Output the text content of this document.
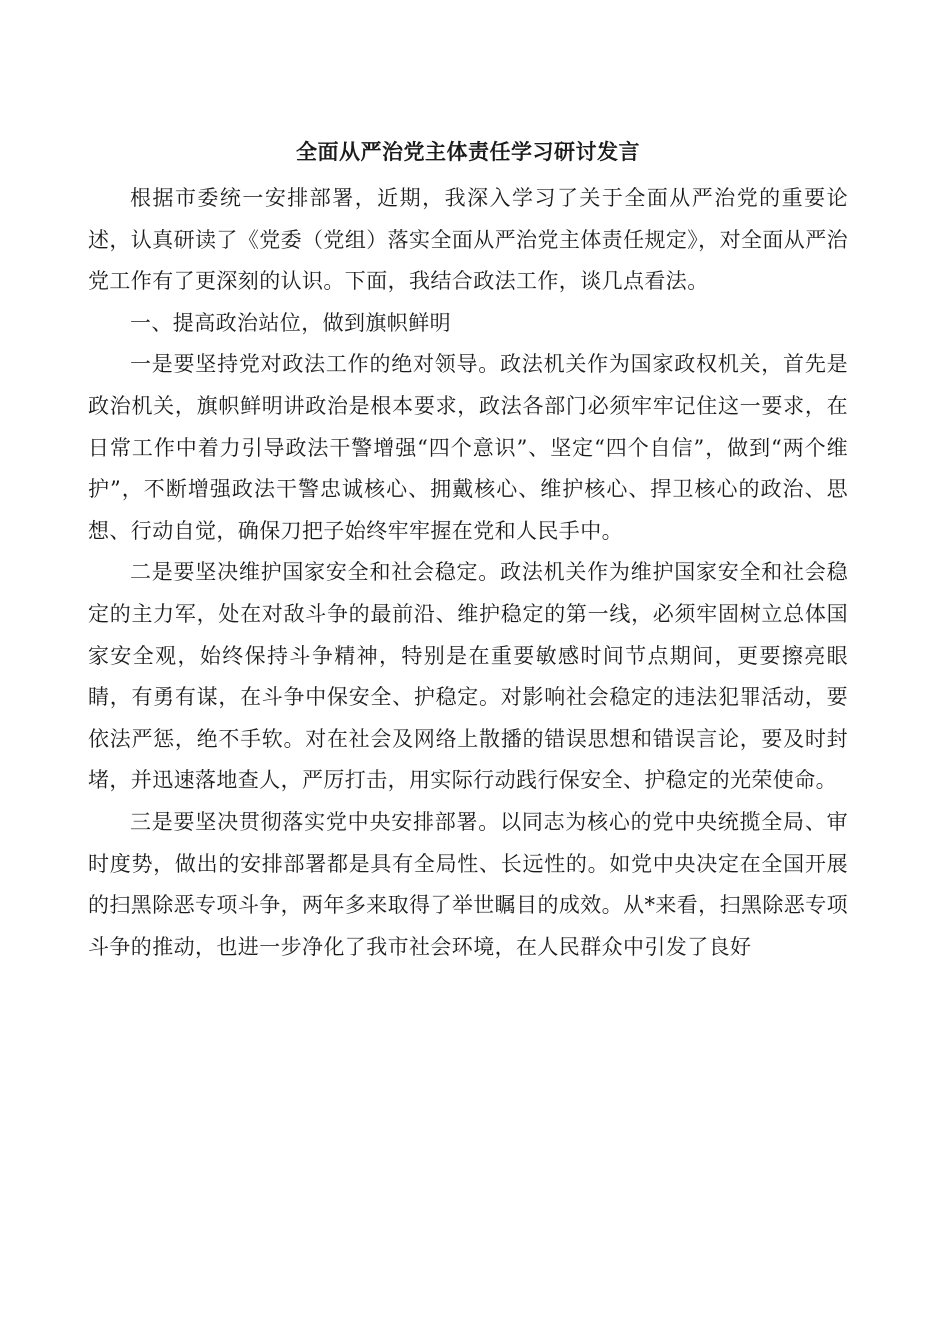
全面从严治党主体责任学习研讨发言

根据市委统一安排部署，近期，我深入学习了关于全面从严治党的重要论述，认真研读了《党委（党组）落实全面从严治党主体责任规定》，对全面从严治党工作有了更深刻的认识。下面，我结合政法工作，谈几点看法。

一、提高政治站位，做到旗帜鲜明

一是要坚持党对政法工作的绝对领导。政法机关作为国家政权机关，首先是政治机关，旗帜鲜明讲政治是根本要求，政法各部门必须牢牢记住这一要求，在日常工作中着力引导政法干警增强“四个意识”、坚定“四个自信”，做到“两个维护”，不断增强政法干警忠诚核心、拥戴核心、维护核心、捍卫核心的政治、思想、行动自觉，确保刀把子始终牢牢握在党和人民手中。

二是要坚决维护国家安全和社会稳定。政法机关作为维护国家安全和社会稳定的主力军，处在对敌斗争的最前沿、维护稳定的第一线，必须牢固树立总体国家安全观，始终保持斗争精神，特别是在重要敏感时间节点期间，更要擦亮眼睛，有勇有谋，在斗争中保安全、护稳定。对影响社会稳定的违法犯罪活动，要依法严惩，绝不手软。对在社会及网络上散播的错误思想和错误言论，要及时封堵，并迅速落地查人，严厉打击，用实际行动践行保安全、护稳定的光荣使命。

三是要坚决贯彻落实党中央安排部署。以同志为核心的党中央统揽全局、审时度势，做出的安排部署都是具有全局性、长远性的。如党中央决定在全国开展的扫黑除恶专项斗争，两年多来取得了举世瞩目的成效。从*来看，扫黑除恶专项斗争的推动，也进一步净化了我市社会环境，在人民群众中引发了良好
